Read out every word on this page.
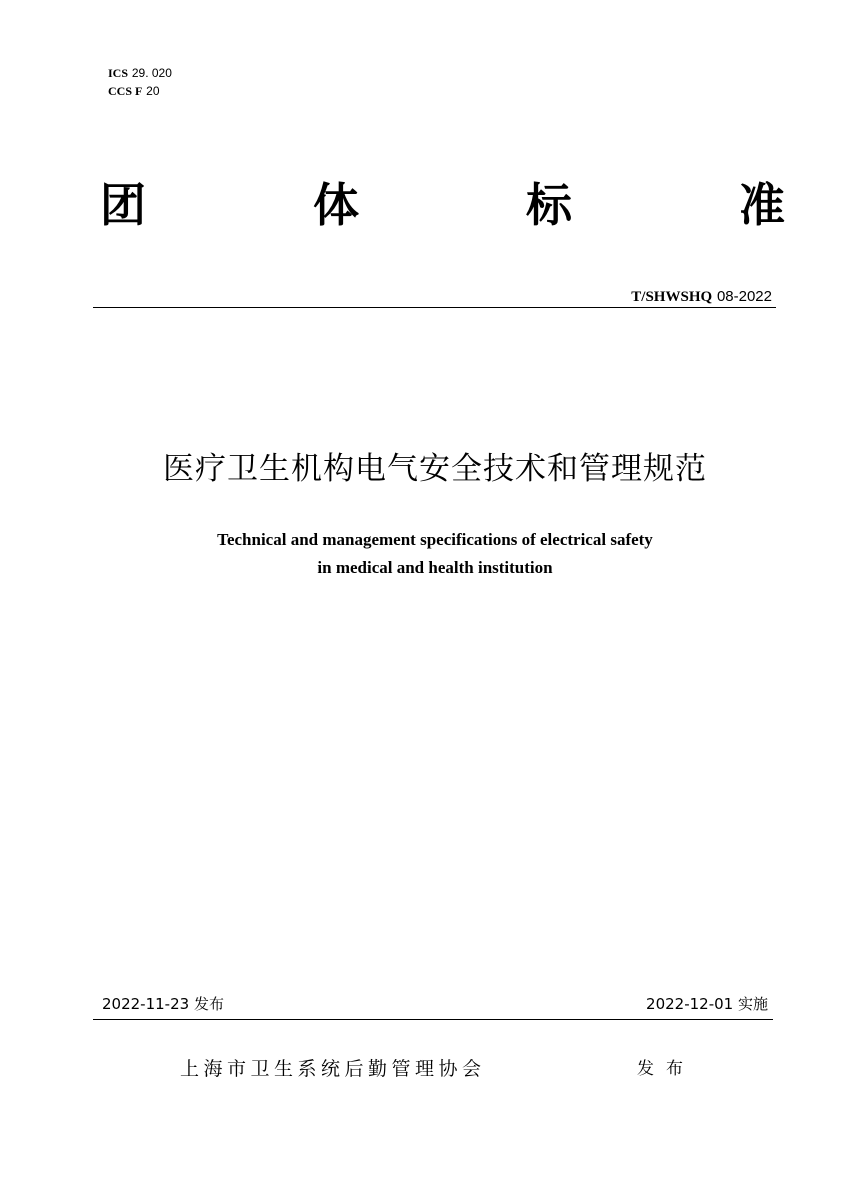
ICS 29. 020
CCS F 20
团	体	标	准
T/SHWSHQ 08-2022
医疗卫生机构电气安全技术和管理规范
Technical and management specifications of electrical safety
in medical and health institution
2022-11-23 发布	2022-12-01 实施
上海市卫生系统后勤管理协会	发布
